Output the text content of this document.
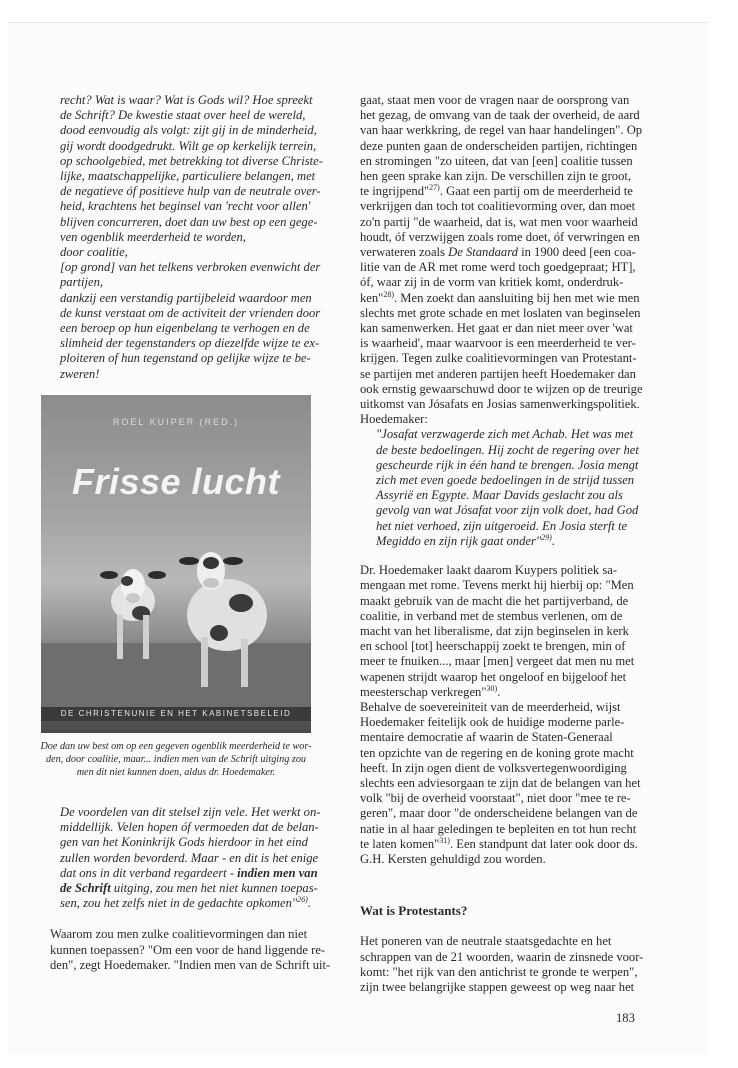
recht? Wat is waar? Wat is Gods wil? Hoe spreekt
de Schrift? De kwestie staat over heel de wereld,
dood eenvoudig als volgt: zijt gij in de minderheid,
gij wordt doodgedrukt. Wilt ge op kerkelijk terrein,
op schoolgebied, met betrekking tot diverse Christe-
lijke, maatschappelijke, particuliere belangen, met
de negatieve óf positieve hulp van de neutrale over-
heid, krachtens het beginsel van 'recht voor allen'
blijven concurreren, doet dan uw best op een gege-
ven ogenblik meerderheid te worden,
door coalitie,
[op grond] van het telkens verbroken evenwicht der
partijen,
dankzij een verstandig partijbeleid waardoor men
de kunst verstaat om de activiteit der vrienden door
een beroep op hun eigenbelang te verhogen en de
slimheid der tegenstanders op diezelfde wijze te ex-
ploiteren of hun tegenstand op gelijke wijze te be-
zweren!

ROEL KUIPER (RED.)
Frisse lucht
DE CHRISTENUNIE EN HET KABINETSBELEID
Doe dan uw best om op een gegeven ogenblik meerderheid te wor-
den, door coalitie, maar... indien men van de Schrift uitging zou
men dit niet kunnen doen, aldus dr. Hoedemaker.

De voordelen van dit stelsel zijn vele. Het werkt on-
middellijk. Velen hopen óf vermoeden dat de belan-
gen van het Koninkrijk Gods hierdoor in het eind
zullen worden bevorderd. Maar - en dit is het enige
dat ons in dit verband regardeert - indien men van
de Schrift uitging, zou men het niet kunnen toepas-
sen, zou het zelfs niet in de gedachte opkomen"$^{26)}$.

Waarom zou men zulke coalitievormingen dan niet
kunnen toepassen? "Om een voor de hand liggende re-
den", zegt Hoedemaker. "Indien men van de Schrift uit-

gaat, staat men voor de vragen naar de oorsprong van
het gezag, de omvang van de taak der overheid, de aard
van haar werkkring, de regel van haar handelingen". Op
deze punten gaan de onderscheiden partijen, richtingen
en stromingen "zo uiteen, dat van [een] coalitie tussen
hen geen sprake kan zijn. De verschillen zijn te groot,
te ingrijpend"$^{27)}$. Gaat een partij om de meerderheid te
verkrijgen dan toch tot coalitievorming over, dan moet
zo'n partij "de waarheid, dat is, wat men voor waarheid
houdt, óf verzwijgen zoals rome doet, óf verwringen en
verwateren zoals De Standaard in 1900 deed [een coa-
litie van de AR met rome werd toch goedgepraat; HT],
óf, waar zij in de vorm van kritiek komt, onderdruk-
ken"$^{28)}$. Men zoekt dan aansluiting bij hen met wie men
slechts met grote schade en met loslaten van beginselen
kan samenwerken. Het gaat er dan niet meer over 'wat
is waarheid', maar waarvoor is een meerderheid te ver-
krijgen. Tegen zulke coalitievormingen van Protestant-
se partijen met anderen partijen heeft Hoedemaker dan
ook ernstig gewaarschuwd door te wijzen op de treurige
uitkomst van Jósafats en Josias samenwerkingspolitiek.
Hoedemaker:

"Josafat verzwagerde zich met Achab. Het was met
de beste bedoelingen. Hij zocht de regering over het
gescheurde rijk in één hand te brengen. Josia mengt
zich met even goede bedoelingen in de strijd tussen
Assyrië en Egypte. Maar Davids geslacht zou als
gevolg van wat Jósafat voor zijn volk doet, had God
het niet verhoed, zijn uitgeroeid. En Josia sterft te
Megiddo en zijn rijk gaat onder"$^{29)}$.

Dr. Hoedemaker laakt daarom Kuypers politiek sa-
mengaan met rome. Tevens merkt hij hierbij op: "Men
maakt gebruik van de macht die het partijverband, de
coalitie, in verband met de stembus verlenen, om de
macht van het liberalisme, dat zijn beginselen in kerk
en school [tot] heerschappij zoekt te brengen, min of
meer te fnuiken..., maar [men] vergeet dat men nu met
wapenen strijdt waarop het ongeloof en bijgeloof het
meesterschap verkregen"$^{30)}$.
Behalve de soevereiniteit van de meerderheid, wijst
Hoedemaker feitelijk ook de huidige moderne parle-
mentaire democratie af waarin de Staten-Generaal
ten opzichte van de regering en de koning grote macht
heeft. In zijn ogen dient de volksvertegenwoordiging
slechts een adviesorgaan te zijn dat de belangen van het
volk "bij de overheid voorstaat", niet door "mee te re-
geren", maar door "de onderscheidene belangen van de
natie in al haar geledingen te bepleiten en tot hun recht
te laten komen"$^{31)}$. Een standpunt dat later ook door ds.
G.H. Kersten gehuldigd zou worden.

Wat is Protestants?

Het poneren van de neutrale staatsgedachte en het
schrappen van de 21 woorden, waarin de zinsnede voor-
komt: "het rijk van den antichrist te gronde te werpen",
zijn twee belangrijke stappen geweest op weg naar het

183
